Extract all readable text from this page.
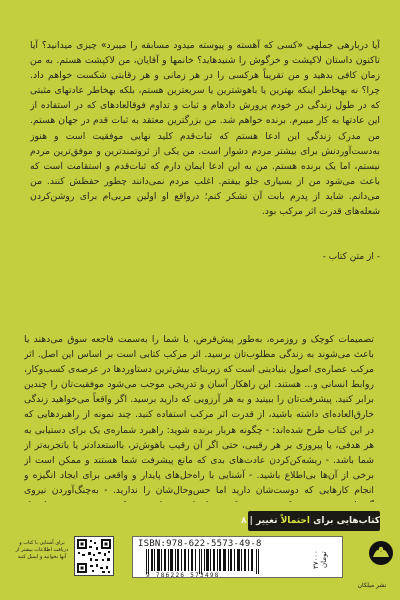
آیا دربارهی جملهی «کسی که آهسته و پیوسته میدود مسابقه را میبرد» چیزی میدانید؟ آیا تاکنون داستان لاکپشت و خرگوش را شنیدهاید؟ خانمها و آقایان، من لاکپشت هستم. به من زمان کافی بدهید و من تقریباً هرکسی را در هر زمانی و هر رقابتی شکست خواهم داد. چرا؟ نه بهخاطر اینکه بهترین یا باهوشترین یا سریعترین هستم، بلکه بهخاطر عادتهای مثبتی که در طول زندگی در خودم پرورش دادهام و ثبات و تداوم فوقالعادهای که در استفاده از این عادتها به کار میبرم. برنده خواهم شد. من بزرگترین معتقد به ثبات قدم در جهان هستم. من مدرک زندگی این ادعا هستم که ثبات‌قدم کلید نهایی موفقیت است و هنوز به‌دست‌آوردنش برای بیشتر مردم دشوار است. من یکی از ثروتمندترین و موفق‌ترین مردم نیستم، اما یک برنده هستم. من به این ادعا ایمان دارم که ثبات‌قدم و استقامت است که باعث می‌شود من از بسیاری جلو بیفتم. اغلب مردم نمی‌دانند چطور حفظش کنند. من می‌دانم. شاید از پدرم بابت آن تشکر کنم؛ درواقع او اولین مربی‌ام برای روشن‌کردن شعله‌های قدرت اثر مرکب بود.
- از متن کتاب -
تصمیمات کوچک و روزمره، به‌طور پیش‌فرض، یا شما را به‌سمت فاجعه سوق می‌دهند یا باعث می‌شوند به زندگی مطلوب‌تان برسید. اثر مرکب کتابی است بر اساس این اصل. اثر مرکب عصاره‌ی اصول بنیادینی است که زیربنای بیش‌ترین دستاوردها در عرصه‌ی کسب‌وکار، روابط انسانی و... هستند. این راهکار آسان و تدریجی موجب می‌شود موفقیت‌تان را چندین برابر کنید. پیشرفت‌تان را ببینید و به هر آرزویی که دارید برسید. اگر واقعاً می‌خواهید زندگی خارق‌العاده‌ای داشته باشید، از قدرت اثر مرکب استفاده کنید. چند نمونه از راهبردهایی که در این کتاب طرح شده‌اند: - چگونه هربار برنده شوید: راهبرد شماره‌ی یک برای دستیابی به هر هدفی، یا پیروزی بر هر رقیبی، حتی اگر آن رقیب باهوش‌تر، بااستعدادتر یا باتجربه‌تر از شما باشد. - ریشه‌کن‌کردن عادت‌های بدی که مانع پیشرفت شما هستند و ممکن است از برخی از آن‌ها بی‌اطلاع باشید. - آشنایی با راه‌حل‌های پایدار و واقعی برای ایجاد انگیزه و انجام کارهایی که دوست‌شان دارید اما حس‌وحال‌شان را ندارید. - به‌چنگ‌آوردن نیروی
کتاب‌هایی برای احتمالاً تغییر | ۸
برای آشنایی با کتاب و دریافت اطلاعات بیشتر از آنها بخوانید و ایمیل کنید
ISBN:978-622-5573-49-8
9 786226 573498
۳۷۰۰۰ تومان
نشر میلکان
